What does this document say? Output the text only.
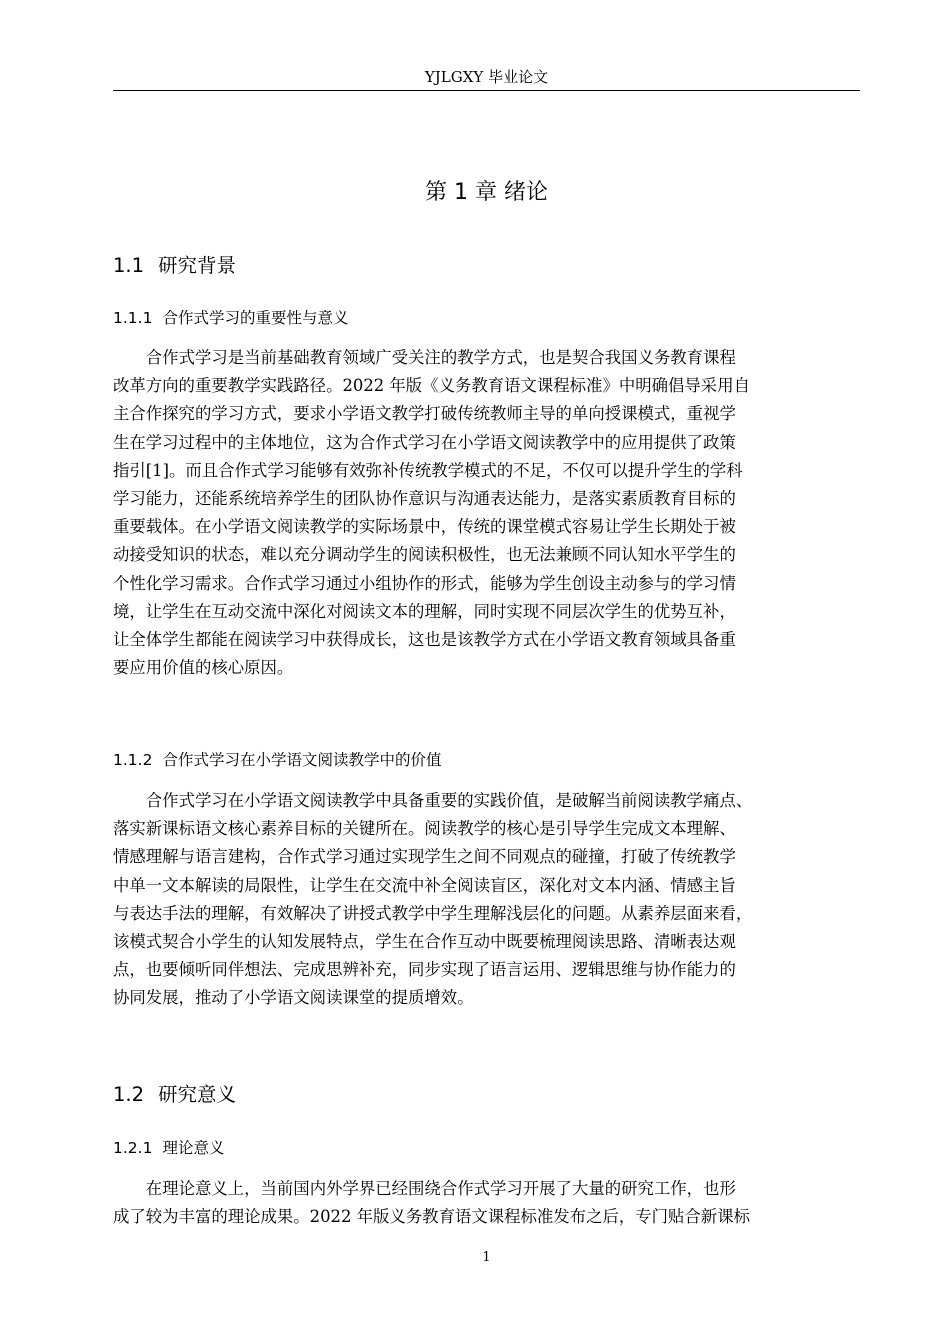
YJLGXY 毕业论文
第 1 章 绪论
1.1 研究背景
1.1.1 合作式学习的重要性与意义
合作式学习是当前基础教育领域广受关注的教学方式，也是契合我国义务教育课程
改革方向的重要教学实践路径。2022 年版《义务教育语文课程标准》中明确倡导采用自
主合作探究的学习方式，要求小学语文教学打破传统教师主导的单向授课模式，重视学
生在学习过程中的主体地位，这为合作式学习在小学语文阅读教学中的应用提供了政策
指引[1]。而且合作式学习能够有效弥补传统教学模式的不足，不仅可以提升学生的学科
学习能力，还能系统培养学生的团队协作意识与沟通表达能力，是落实素质教育目标的
重要载体。在小学语文阅读教学的实际场景中，传统的课堂模式容易让学生长期处于被
动接受知识的状态，难以充分调动学生的阅读积极性，也无法兼顾不同认知水平学生的
个性化学习需求。合作式学习通过小组协作的形式，能够为学生创设主动参与的学习情
境，让学生在互动交流中深化对阅读文本的理解，同时实现不同层次学生的优势互补，
让全体学生都能在阅读学习中获得成长，这也是该教学方式在小学语文教育领域具备重
要应用价值的核心原因。
1.1.2 合作式学习在小学语文阅读教学中的价值
合作式学习在小学语文阅读教学中具备重要的实践价值，是破解当前阅读教学痛点、
落实新课标语文核心素养目标的关键所在。阅读教学的核心是引导学生完成文本理解、
情感理解与语言建构，合作式学习通过实现学生之间不同观点的碰撞，打破了传统教学
中单一文本解读的局限性，让学生在交流中补全阅读盲区，深化对文本内涵、情感主旨
与表达手法的理解，有效解决了讲授式教学中学生理解浅层化的问题。从素养层面来看，
该模式契合小学生的认知发展特点，学生在合作互动中既要梳理阅读思路、清晰表达观
点，也要倾听同伴想法、完成思辨补充，同步实现了语言运用、逻辑思维与协作能力的
协同发展，推动了小学语文阅读课堂的提质增效。
1.2 研究意义
1.2.1 理论意义
在理论意义上，当前国内外学界已经围绕合作式学习开展了大量的研究工作，也形
成了较为丰富的理论成果。2022 年版义务教育语文课程标准发布之后，专门贴合新课标
1
